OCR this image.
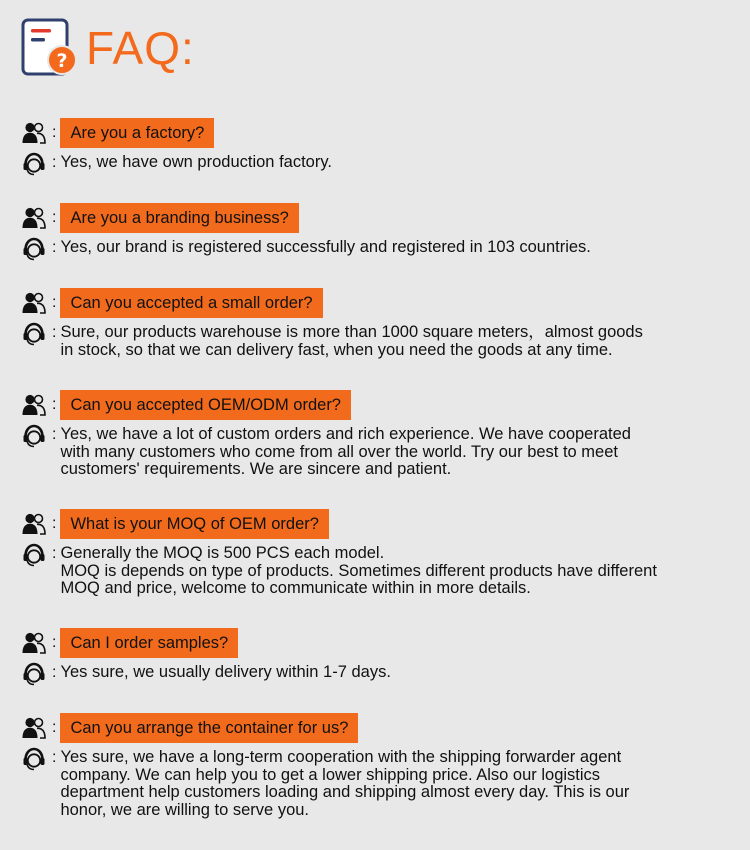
? FAQ:
: Are you a factory?
: Yes, we have own production factory.

: Are you a branding business?
: Yes, our brand is registered successfully and registered in 103 countries.

: Can you accepted a small order?
: Sure, our products warehouse is more than 1000 square meters，almost goods
in stock, so that we can delivery fast, when you need the goods at any time.

: Can you accepted OEM/ODM order?
: Yes, we have a lot of custom orders and rich experience. We have cooperated
with many customers who come from all over the world. Try our best to meet
customers' requirements. We are sincere and patient.

: What is your MOQ of OEM order?
: Generally the MOQ is 500 PCS each model.
MOQ is depends on type of products. Sometimes different products have different
MOQ and price, welcome to communicate within in more details.

: Can I order samples?
: Yes sure, we usually delivery within 1-7 days.

: Can you arrange the container for us?
: Yes sure, we have a long-term cooperation with the shipping forwarder agent
company. We can help you to get a lower shipping price. Also our logistics
department help customers loading and shipping almost every day. This is our
honor, we are willing to serve you.
